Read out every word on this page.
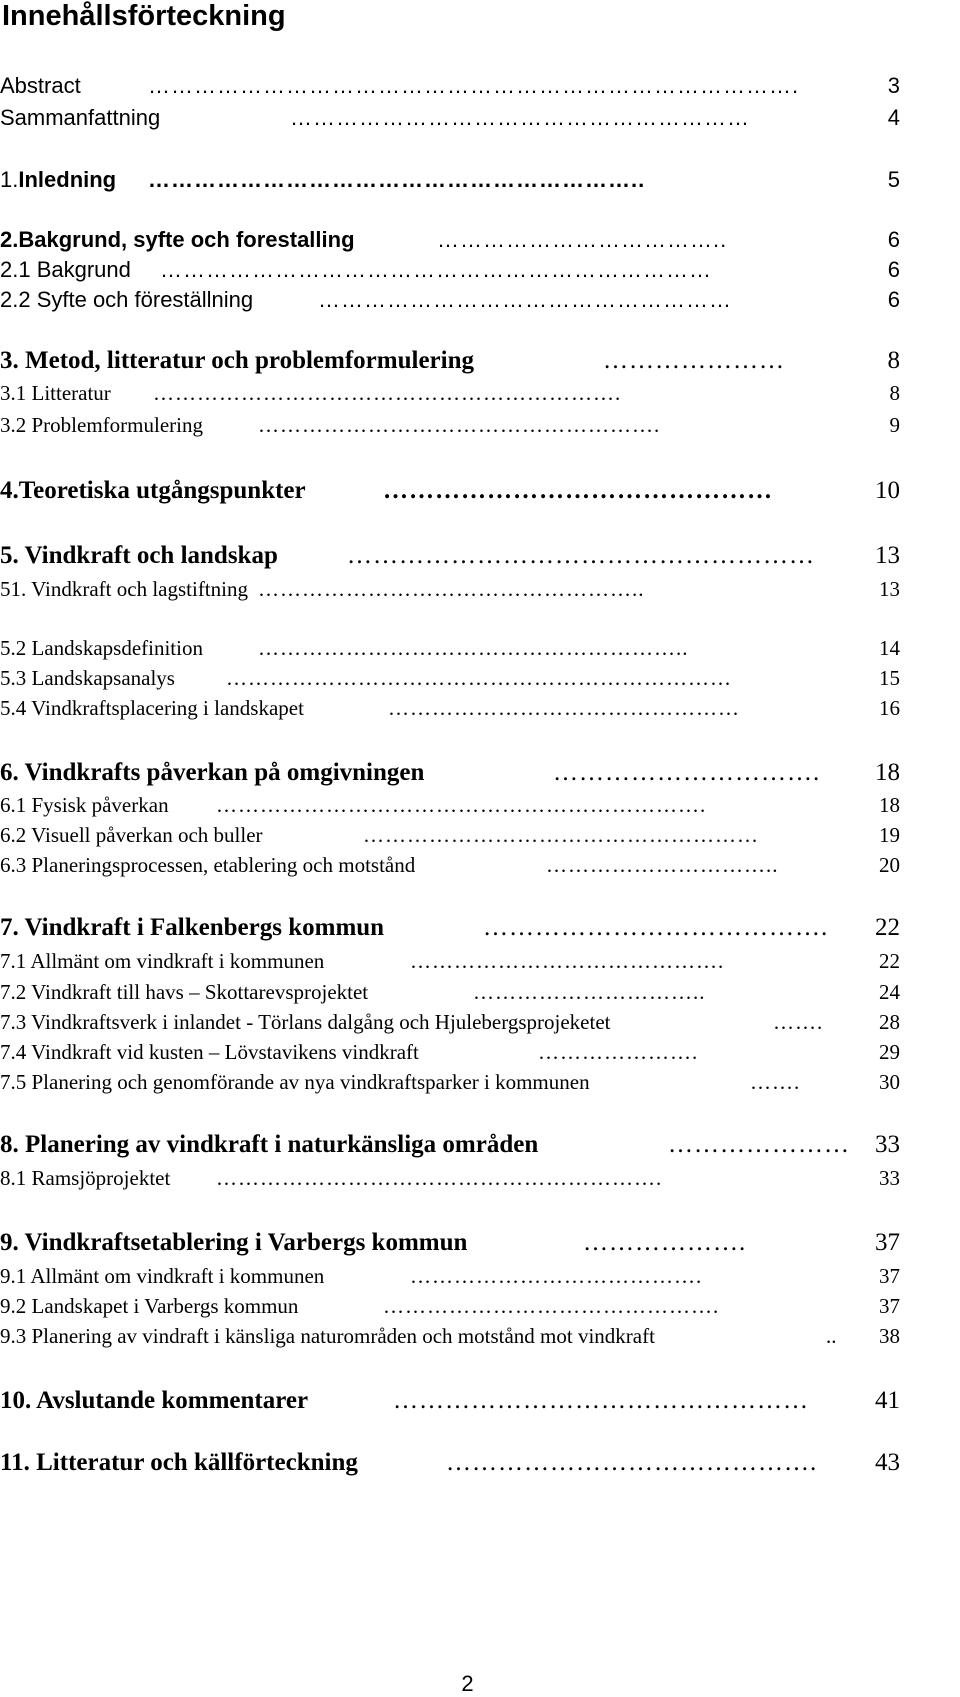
Innehållsförteckning
Abstract	………………………………………………………………………….	3
Sammanfattning	……………………………………………………	4
1.Inledning ………………………………………………………..	5
2.Bakgrund, syfte och forestalling	………………………………..	6
2.1 Bakgrund ………………………………………………………………	6
2.2 Syfte och föreställning	………………………………………………	6
3. Metod, litteratur och problemformulering	…………………	8
3.1 Litteratur ……………………………………………………….	8
3.2 Problemformulering	……………………………………………….	9
4.Teoretiska utgångspunkter	………………………………………	10
5. Vindkraft och landskap	………………………………………………	13
51. Vindkraft och lagstiftning ……………………………………………..	13
5.2 Landskapsdefinition	…………………………………………………..	14
5.3 Landskapsanalys ……………………………………………………………	15
5.4 Vindkraftsplacering i landskapet	…………………………………………	16
6. Vindkrafts påverkan på omgivningen	………………………….	18
6.1 Fysisk påverkan ………………………………………………………….	18
6.2 Visuell påverkan och buller	………………………………………………	19
6.3 Planeringsprocessen, etablering och motstånd	…………………………..	20
7. Vindkraft i Falkenbergs kommun	………………………………….	22
7.1 Allmänt om vindkraft i kommunen	…………………………………….	22
7.2 Vindkraft till havs – Skottarevsprojektet	…………………………..	24
7.3 Vindkraftsverk i inlandet - Törlans dalgång och Hjulebergsprojeketet	…….	28
7.4 Vindkraft vid kusten – Lövstavikens vindkraft	………………….	29
7.5 Planering och genomförande av nya vindkraftsparker i kommunen	…….	30
8. Planering av vindkraft i naturkänsliga områden	…………………	33
8.1 Ramsjöprojektet …………………………………………………….	33
9. Vindkraftsetablering i Varbergs kommun	……………….	37
9.1 Allmänt om vindkraft i kommunen	………………………………….	37
9.2 Landskapet i Varbergs kommun	……………………………………….	37
9.3 Planering av vindraft i känsliga naturområden och motstånd mot vindkraft	..	38
10. Avslutande kommentarer	…………………………………………	41
11. Litteratur och källförteckning	…………………………………….	43
2
